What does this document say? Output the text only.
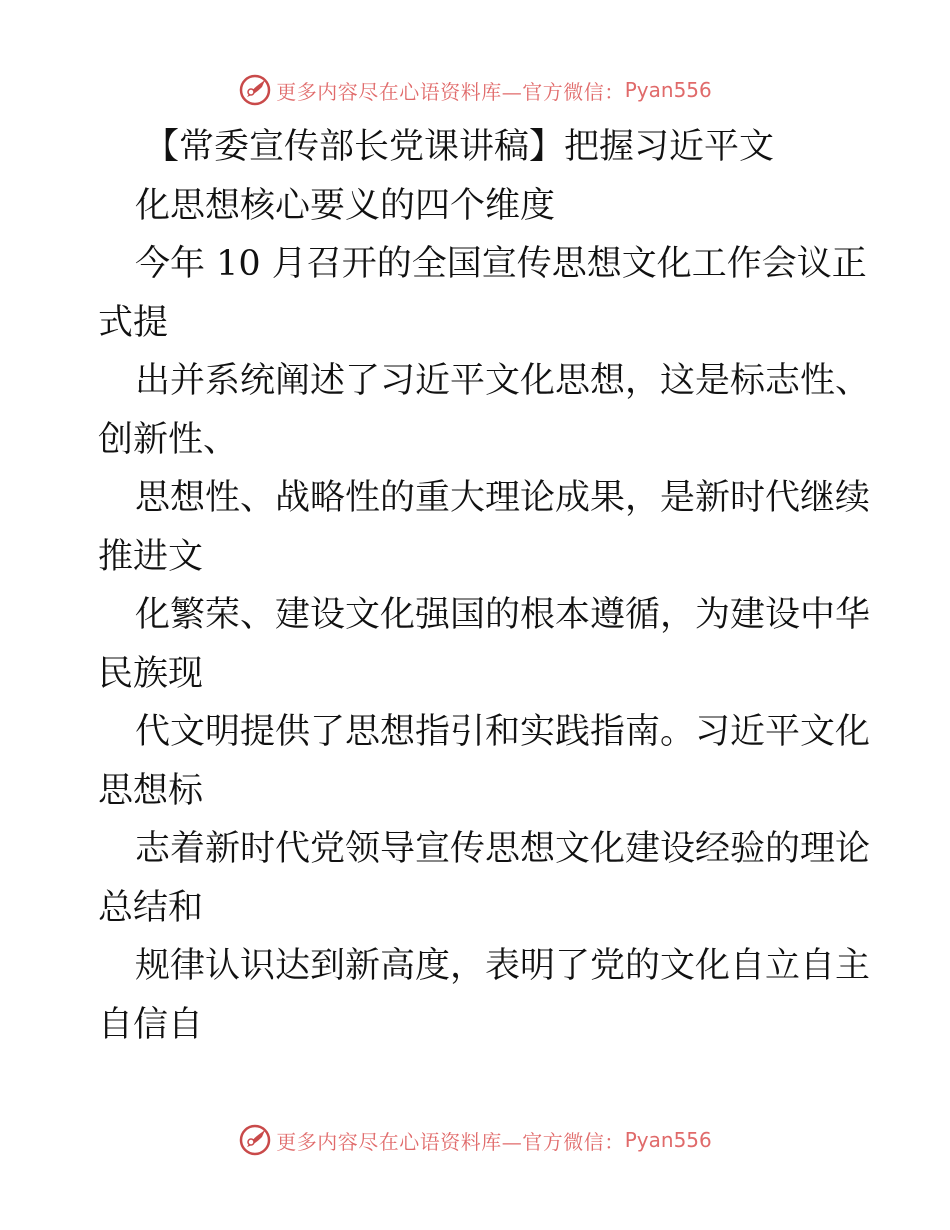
更多内容尽在心语资料库—官方微信： Pyan556
【常委宣传部长党课讲稿】把握习近平文
化思想核心要义的四个维度
今年 10 月召开的全国宣传思想文化工作会议正
式提
出并系统阐述了习近平文化思想，这是标志性、
创新性、
思想性、战略性的重大理论成果，是新时代继续
推进文
化繁荣、建设文化强国的根本遵循，为建设中华
民族现
代文明提供了思想指引和实践指南。习近平文化
思想标
志着新时代党领导宣传思想文化建设经验的理论
总结和
规律认识达到新高度，表明了党的文化自立自主
自信自
更多内容尽在心语资料库—官方微信： Pyan556
